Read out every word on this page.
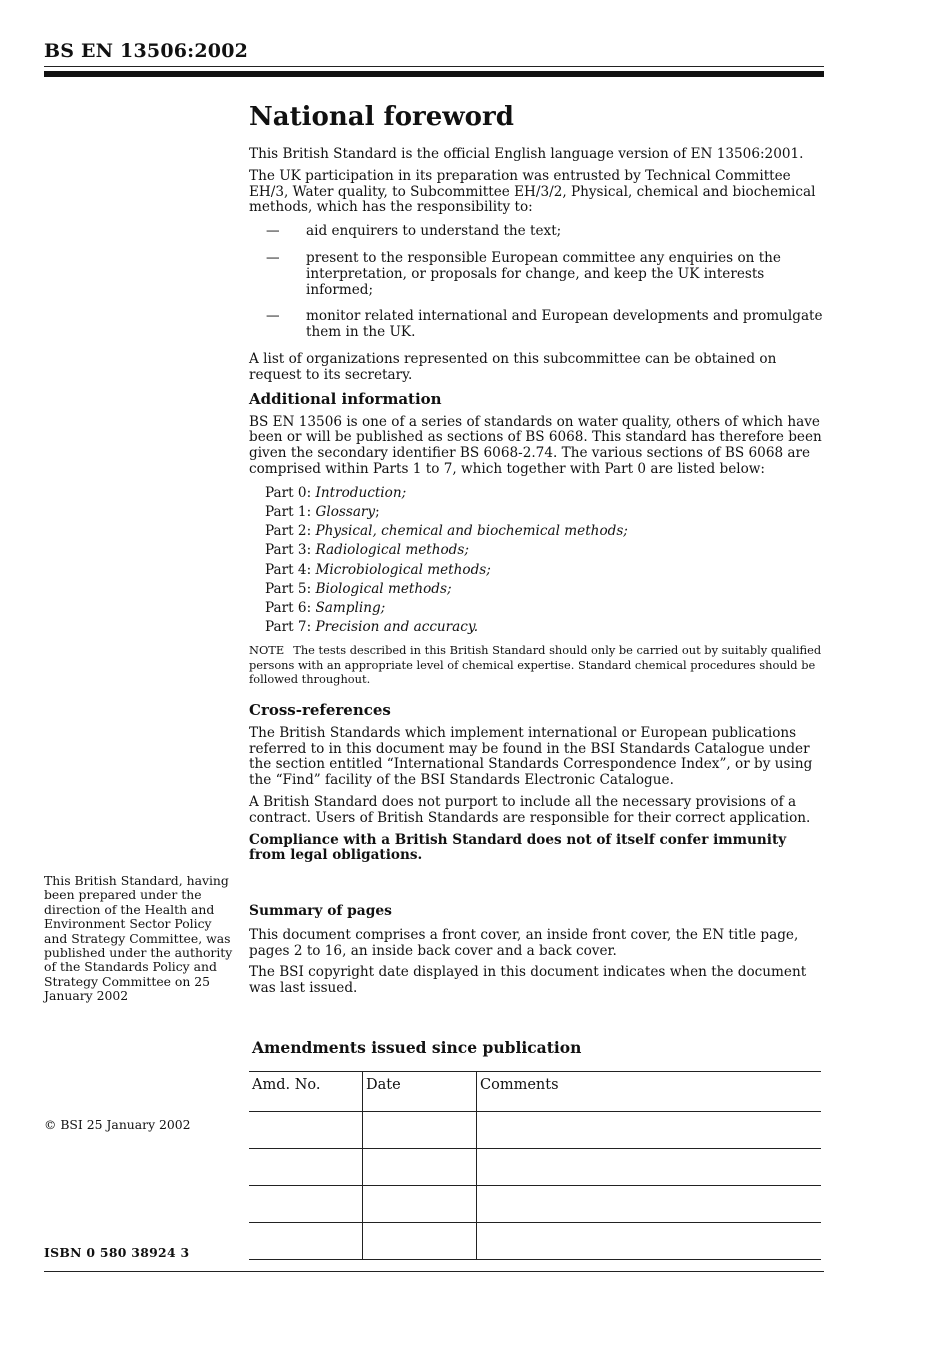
BS EN 13506:2002
National foreword

This British Standard is the official English language version of EN 13506:2001.

The UK participation in its preparation was entrusted by Technical Committee EH/3, Water quality, to Subcommittee EH/3/2, Physical, chemical and biochemical methods, which has the responsibility to:

— aid enquirers to understand the text;
— present to the responsible European committee any enquiries on the interpretation, or proposals for change, and keep the UK interests informed;
— monitor related international and European developments and promulgate them in the UK.

A list of organizations represented on this subcommittee can be obtained on request to its secretary.

Additional information

BS EN 13506 is one of a series of standards on water quality, others of which have been or will be published as sections of BS 6068. This standard has therefore been given the secondary identifier BS 6068-2.74. The various sections of BS 6068 are comprised within Parts 1 to 7, which together with Part 0 are listed below:

Part 0: Introduction;
Part 1: Glossary;
Part 2: Physical, chemical and biochemical methods;
Part 3: Radiological methods;
Part 4: Microbiological methods;
Part 5: Biological methods;
Part 6: Sampling;
Part 7: Precision and accuracy.

NOTE The tests described in this British Standard should only be carried out by suitably qualified persons with an appropriate level of chemical expertise. Standard chemical procedures should be followed throughout.

Cross-references

The British Standards which implement international or European publications referred to in this document may be found in the BSI Standards Catalogue under the section entitled “International Standards Correspondence Index”, or by using the “Find” facility of the BSI Standards Electronic Catalogue.

A British Standard does not purport to include all the necessary provisions of a contract. Users of British Standards are responsible for their correct application.

Compliance with a British Standard does not of itself confer immunity from legal obligations.

This British Standard, having been prepared under the direction of the Health and Environment Sector Policy and Strategy Committee, was published under the authority of the Standards Policy and Strategy Committee on 25 January 2002
Summary of pages

This document comprises a front cover, an inside front cover, the EN title page, pages 2 to 16, an inside back cover and a back cover.

The BSI copyright date displayed in this document indicates when the document was last issued.

Amendments issued since publication
Amd. No.	Date	Comments

© BSI 25 January 2002
ISBN 0 580 38924 3
